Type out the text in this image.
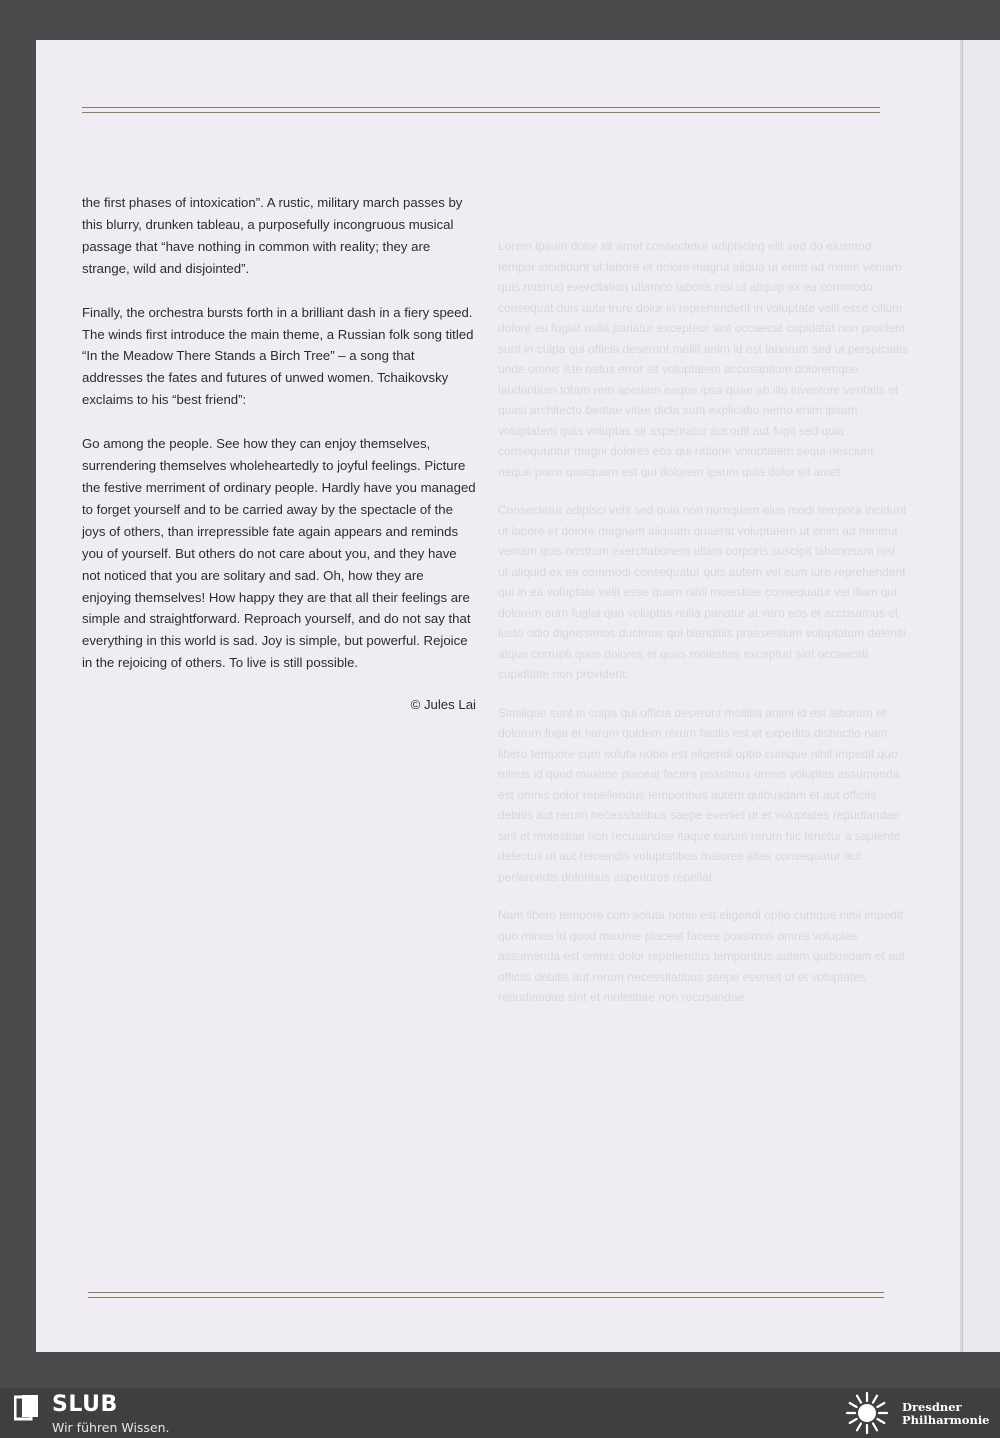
Lorem ipsum dolor sit amet consectetur adipiscing elit sed do eiusmod tempor incididunt ut labore et dolore magna aliqua ut enim ad minim veniam quis nostrud exercitation ullamco laboris nisi ut aliquip ex ea commodo consequat duis aute irure dolor in reprehenderit in voluptate velit esse cillum dolore eu fugiat nulla pariatur excepteur sint occaecat cupidatat non proident sunt in culpa qui officia deserunt mollit anim id est laborum sed ut perspiciatis unde omnis iste natus error sit voluptatem accusantium doloremque laudantium totam rem aperiam eaque ipsa quae ab illo inventore veritatis et quasi architecto beatae vitae dicta sunt explicabo nemo enim ipsam voluptatem quia voluptas sit aspernatur aut odit aut fugit sed quia consequuntur magni dolores eos qui ratione voluptatem sequi nesciunt neque porro quisquam est qui dolorem ipsum quia dolor sit amet.

Consectetur adipisci velit sed quia non numquam eius modi tempora incidunt ut labore et dolore magnam aliquam quaerat voluptatem ut enim ad minima veniam quis nostrum exercitationem ullam corporis suscipit laboriosam nisi ut aliquid ex ea commodi consequatur quis autem vel eum iure reprehenderit qui in ea voluptate velit esse quam nihil molestiae consequatur vel illum qui dolorem eum fugiat quo voluptas nulla pariatur at vero eos et accusamus et iusto odio dignissimos ducimus qui blanditiis praesentium voluptatum deleniti atque corrupti quos dolores et quas molestias excepturi sint occaecati cupiditate non provident.

Similique sunt in culpa qui officia deserunt mollitia animi id est laborum et dolorum fuga et harum quidem rerum facilis est et expedita distinctio nam libero tempore cum soluta nobis est eligendi optio cumque nihil impedit quo minus id quod maxime placeat facere possimus omnis voluptas assumenda est omnis dolor repellendus temporibus autem quibusdam et aut officiis debitis aut rerum necessitatibus saepe eveniet ut et voluptates repudiandae sint et molestiae non recusandae itaque earum rerum hic tenetur a sapiente delectus ut aut reiciendis voluptatibus maiores alias consequatur aut perferendis doloribus asperiores repellat.

Nam libero tempore cum soluta nobis est eligendi optio cumque nihil impedit quo minus id quod maxime placeat facere possimus omnis voluptas assumenda est omnis dolor repellendus temporibus autem quibusdam et aut officiis debitis aut rerum necessitatibus saepe eveniet ut et voluptates repudiandae sint et molestiae non recusandae.

the first phases of intoxication”. A rustic, military march passes by this blurry, drunken tableau, a purposefully incongruous musical passage that “have nothing in common with reality; they are strange, wild and disjointed”.

Finally, the orchestra bursts forth in a brilliant dash in a fiery speed. The winds first introduce the main theme, a Russian folk song titled “In the Meadow There Stands a Birch Tree” – a song that addresses the fates and futures of unwed women. Tchaikovsky exclaims to his “best friend”:

Go among the people. See how they can enjoy themselves, surrendering themselves wholeheartedly to joyful feelings. Picture the festive merriment of ordinary people. Hardly have you managed to forget yourself and to be carried away by the spectacle of the joys of others, than irrepressible fate again appears and reminds you of yourself. But others do not care about you, and they have not noticed that you are solitary and sad. Oh, how they are enjoying themselves! How happy they are that all their feelings are simple and straightforward. Reproach yourself, and do not say that everything in this world is sad. Joy is simple, but powerful. Rejoice in the rejoicing of others. To live is still possible.

© Jules Lai
SLUB
Wir führen Wissen.
Dresdner
Philharmonie
